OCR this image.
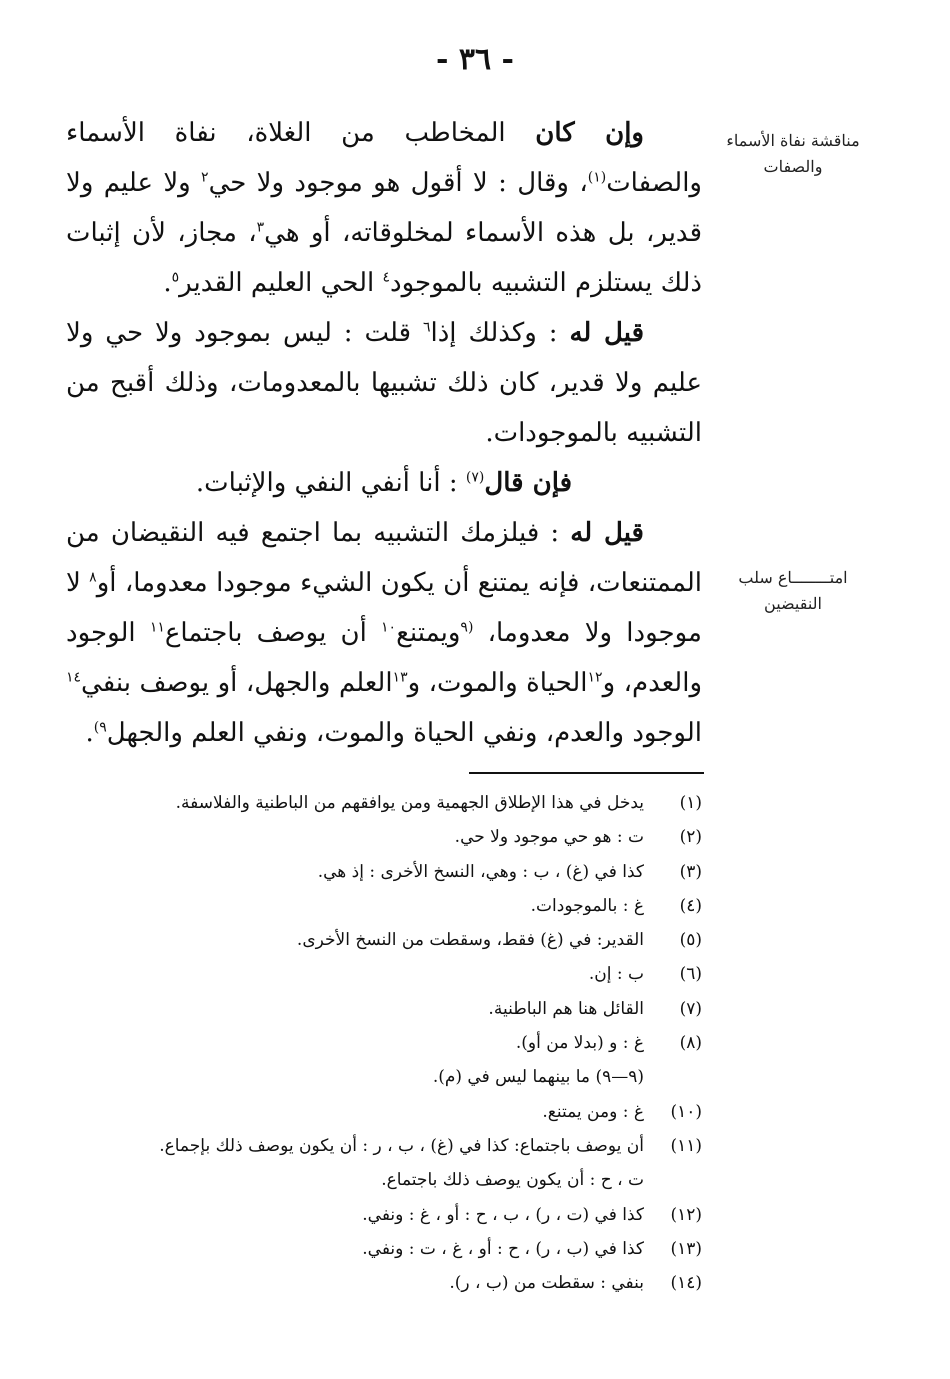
- ٣٦ -
مناقشة نفاة الأسماء والصفات
امتــــــــاع سلب النقيضين

وإن كان المخاطب من الغلاة، نفاة الأسماء والصفات$^{(١)}$، وقال : لا أقول هو موجود ولا حي$^٢$ ولا عليم ولا قدير، بل هذه الأسماء لمخلوقاته، أو هي$^٣$، مجاز، لأن إثبات ذلك يستلزم التشبيه بالموجود$^٤$ الحي العليم القدير$^٥$.

قيل له : وكذلك إذا$^٦$ قلت : ليس بموجود ولا حي ولا عليم ولا قدير، كان ذلك تشبيها بالمعدومات، وذلك أقبح من التشبيه بالموجودات.

فإن قال$^{(٧)}$ : أنا أنفي النفي والإثبات.

قيل له : فيلزمك التشبيه بما اجتمع فيه النقيضان من الممتنعات، فإنه يمتنع أن يكون الشيء موجودا معدوما، أو$^٨$ لا موجودا ولا معدوما، $^{(٩}$ويمتنع$^{١٠}$ أن يوصف باجتماع$^{١١}$ الوجود والعدم، و$^{١٢}$الحياة والموت، و$^{١٣}$العلم والجهل، أو يوصف بنفي$^{١٤}$ الوجود والعدم، ونفي الحياة والموت، ونفي العلم والجهل$^{٩)}$.

(١)
يدخل في هذا الإطلاق الجهمية ومن يوافقهم من الباطنية والفلاسفة.
(٢)
ت : هو حي موجود ولا حي.
(٣)
كذا في (غ) ، ب : وهي، النسخ الأخرى : إذ هي.
(٤)
غ : بالموجودات.
(٥)
القدير: في (غ) فقط، وسقطت من النسخ الأخرى.
(٦)
ب : إن.
(٧)
القائل هنا هم الباطنية.
(٨)
غ : و (بدلا من أو).
(٩—٩) ما بينهما ليس في (م).
(١٠)
غ : ومن يمتنع.
(١١)
أن يوصف باجتماع: كذا في (غ) ، ب ، ر : أن يكون يوصف ذلك بإجماع.
ت ، ح : أن يكون يوصف ذلك باجتماع.
(١٢)
كذا في (ت ، ر) ، ب ، ح : أو ، غ : ونفي.
(١٣)
كذا في (ب ، ر) ، ح : أو ، غ ، ت : ونفي.
(١٤)
بنفي : سقطت من (ب ، ر).
